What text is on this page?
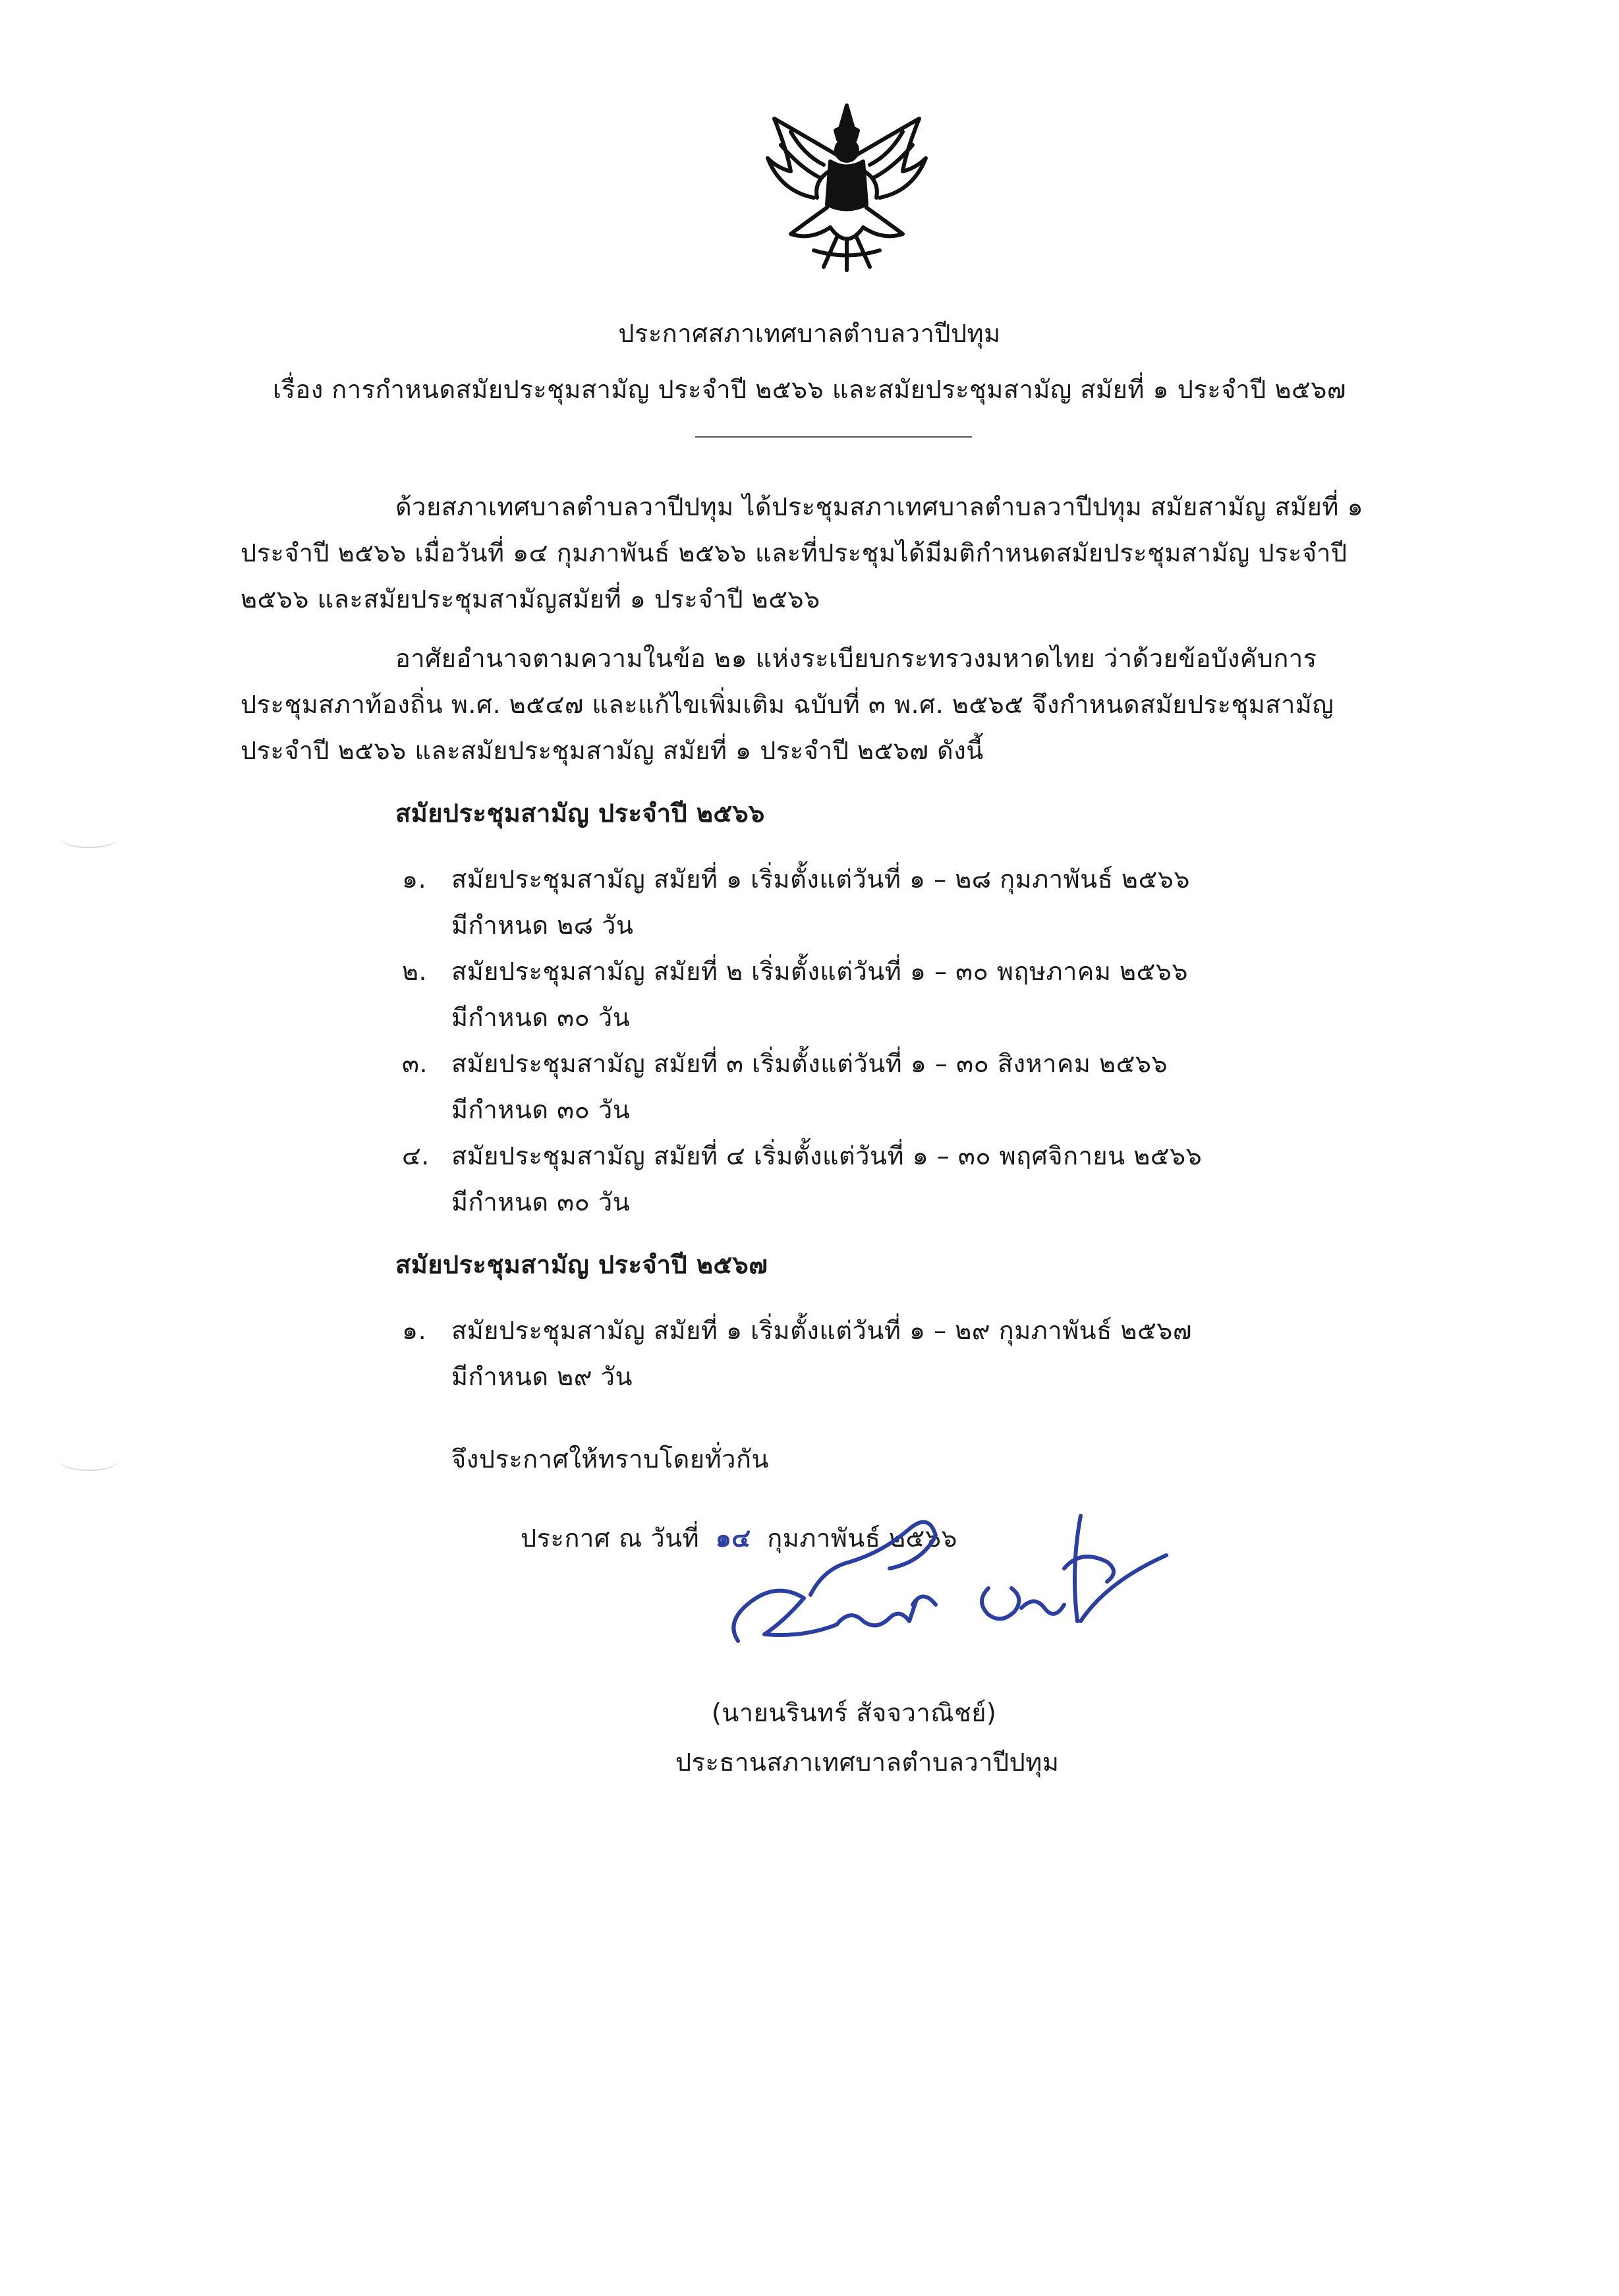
ประกาศสภาเทศบาลตำบลวาปีปทุม
เรื่อง การกำหนดสมัยประชุมสามัญ ประจำปี ๒๕๖๖ และสมัยประชุมสามัญ สมัยที่ ๑ ประจำปี ๒๕๖๗
ด้วยสภาเทศบาลตำบลวาปีปทุม ได้ประชุมสภาเทศบาลตำบลวาปีปทุม สมัยสามัญ สมัยที่ ๑
ประจำปี ๒๕๖๖ เมื่อวันที่ ๑๔ กุมภาพันธ์ ๒๕๖๖ และที่ประชุมได้มีมติกำหนดสมัยประชุมสามัญ ประจำปี
๒๕๖๖ และสมัยประชุมสามัญสมัยที่ ๑ ประจำปี ๒๕๖๖
อาศัยอำนาจตามความในข้อ ๒๑ แห่งระเบียบกระทรวงมหาดไทย ว่าด้วยข้อบังคับการ
ประชุมสภาท้องถิ่น พ.ศ. ๒๕๔๗ และแก้ไขเพิ่มเติม ฉบับที่ ๓ พ.ศ. ๒๕๖๕ จึงกำหนดสมัยประชุมสามัญ
ประจำปี ๒๕๖๖ และสมัยประชุมสามัญ สมัยที่ ๑ ประจำปี ๒๕๖๗ ดังนี้
สมัยประชุมสามัญ ประจำปี ๒๕๖๖
๑. สมัยประชุมสามัญ สมัยที่ ๑ เริ่มตั้งแต่วันที่ ๑ – ๒๘ กุมภาพันธ์ ๒๕๖๖
มีกำหนด ๒๘ วัน
๒. สมัยประชุมสามัญ สมัยที่ ๒ เริ่มตั้งแต่วันที่ ๑ – ๓๐ พฤษภาคม ๒๕๖๖
มีกำหนด ๓๐ วัน
๓. สมัยประชุมสามัญ สมัยที่ ๓ เริ่มตั้งแต่วันที่ ๑ – ๓๐ สิงหาคม ๒๕๖๖
มีกำหนด ๓๐ วัน
๔. สมัยประชุมสามัญ สมัยที่ ๔ เริ่มตั้งแต่วันที่ ๑ – ๓๐ พฤศจิกายน ๒๕๖๖
มีกำหนด ๓๐ วัน
สมัยประชุมสามัญ ประจำปี ๒๕๖๗
๑. สมัยประชุมสามัญ สมัยที่ ๑ เริ่มตั้งแต่วันที่ ๑ – ๒๙ กุมภาพันธ์ ๒๕๖๗
มีกำหนด ๒๙ วัน
จึงประกาศให้ทราบโดยทั่วกัน
ประกาศ ณ วันที่ ๑๔ กุมภาพันธ์ ๒๕๖๖
(นายนรินทร์ สัจจวาณิชย์)
ประธานสภาเทศบาลตำบลวาปีปทุม
